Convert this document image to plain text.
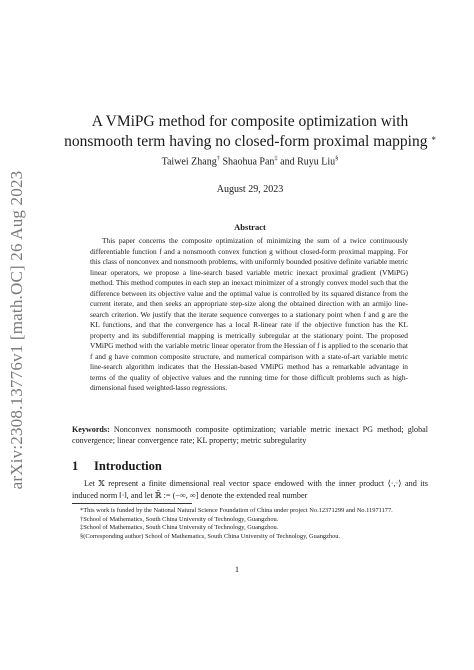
arXiv:2308.13776v1 [math.OC] 26 Aug 2023
A VMiPG method for composite optimization with
nonsmooth term having no closed-form proximal mapping *
Taiwei Zhang† Shaohua Pan‡ and Ruyu Liu§
August 29, 2023
Abstract

This paper concerns the composite optimization of minimizing the sum of a twice continuously differentiable function f and a nonsmooth convex function g without closed-form proximal mapping. For this class of nonconvex and nonsmooth problems, with uniformly bounded positive definite variable metric linear operators, we propose a line-search based variable metric inexact proximal gradient (VMiPG) method. This method computes in each step an inexact minimizer of a strongly convex model such that the difference between its objective value and the optimal value is controlled by its squared distance from the current iterate, and then seeks an appropriate step-size along the obtained direction with an armijo line-search criterion. We justify that the iterate sequence converges to a stationary point when f and g are the KL functions, and that the convergence has a local R-linear rate if the objective function has the KL property and its subdifferential mapping is metrically subregular at the stationary point. The proposed VMiPG method with the variable metric linear operator from the Hessian of f is applied to the scenario that f and g have common composite structure, and numerical comparison with a state-of-art variable metric line-search algorithm indicates that the Hessian-based VMiPG method has a remarkable advantage in terms of the quality of objective values and the running time for those difficult problems such as high-dimensional fused weighted-lasso regressions.

Keywords: Nonconvex nonsmooth composite optimization; variable metric inexact PG method; global convergence; linear convergence rate; KL property; metric subregularity
1 Introduction

Let 𝕏 represent a finite dimensional real vector space endowed with the inner product ⟨·,·⟩ and its induced norm ‖·‖, and let ℝ̄ := (−∞, ∞] denote the extended real number

*This work is funded by the National Natural Science Foundation of China under project No.12371299 and No.11971177.
†School of Mathematics, South China University of Technology, Guangzhou.
‡School of Mathematics, South China University of Technology, Guangzhou.
§(Corresponding author) School of Mathematics, South China University of Technology, Guangzhou.
1
